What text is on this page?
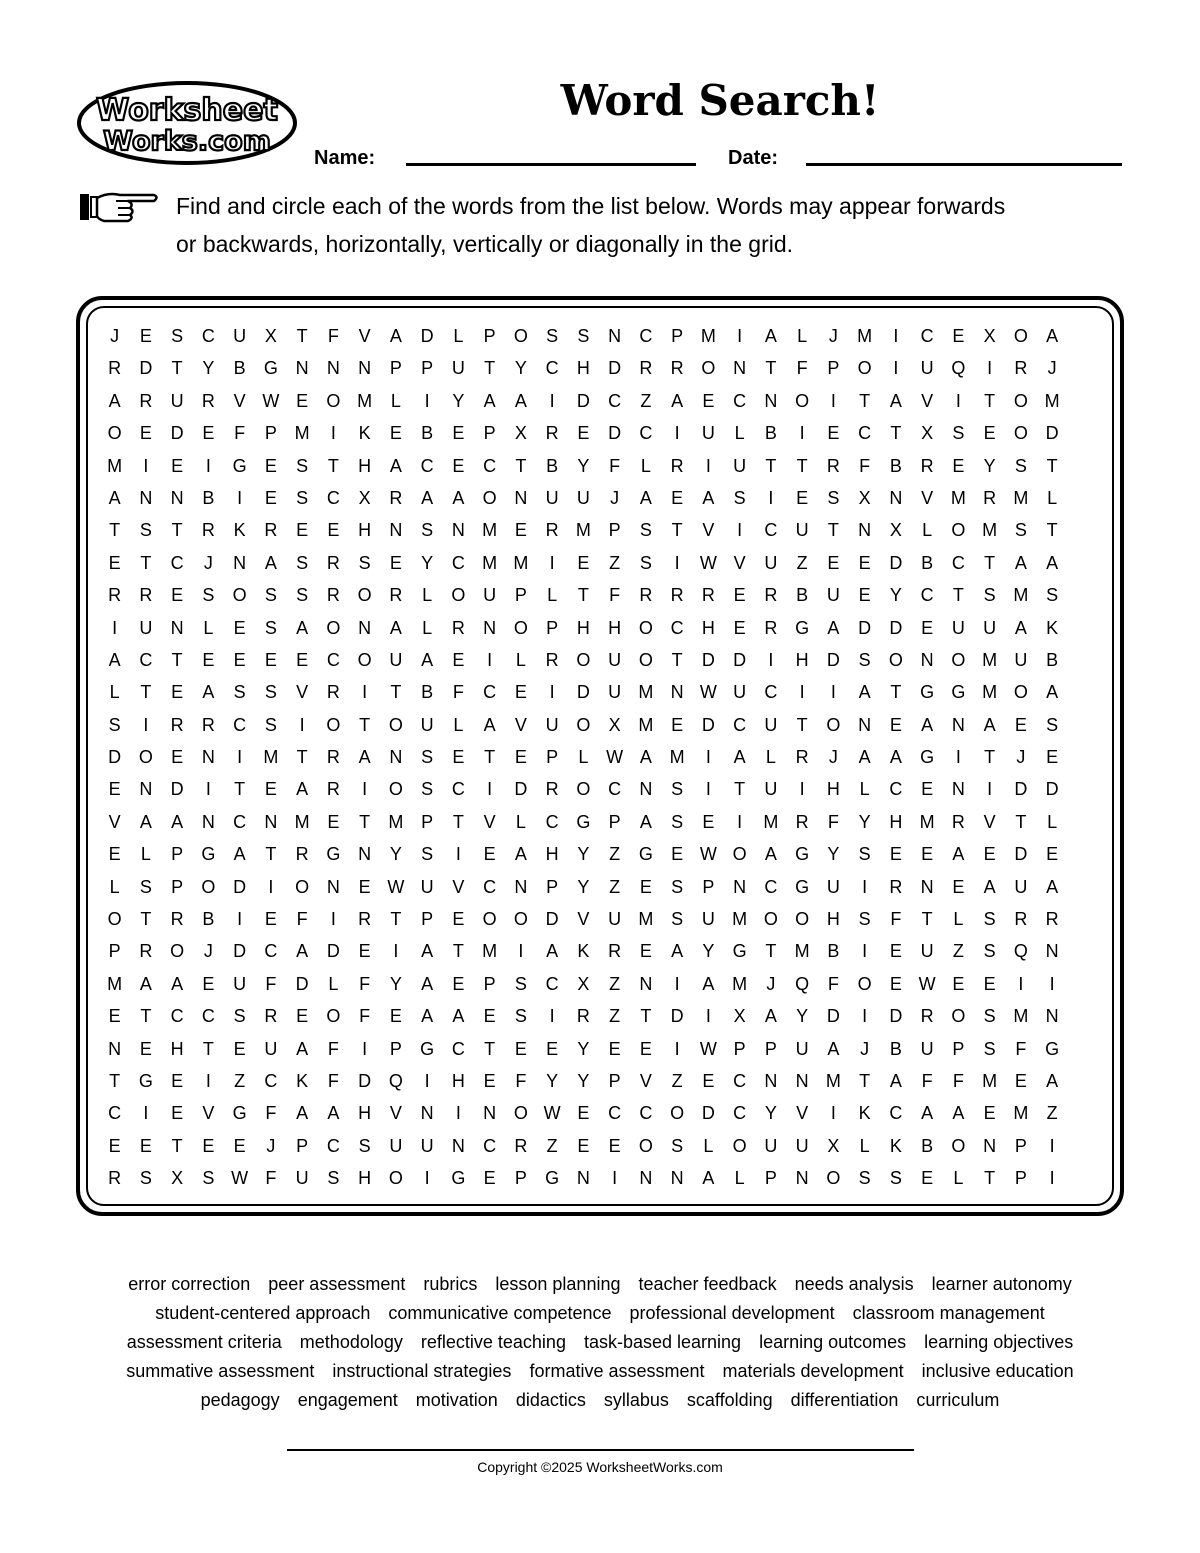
Worksheet
Works.com
Word Search!
Name:	Date:
Find and circle each of the words from the list below. Words may appear forwards
or backwards, horizontally, vertically or diagonally in the grid.
J	E	S	C	U	X	T	F	V	A	D	L	P	O	S	S	N	C	P M	I	A	L	J	M	I	C	E	X	O	A
R	D	T	Y	B	G N	N	N	P	P	U	T	Y	C	H	D	R	R O N	T	F	P	O	I	U Q	I	R	J
A	R	U	R	V W E	O M	L	I	Y	A	A	I	D	C	Z	A	E	C	N O	I	T	A	V	I	T	O M
O	E	D	E	F	P M	I	K	E	B	E	P	X	R	E	D	C	I	U	L	B	I	E	C	T	X	S	E	O D
M	I	E	I	G	E	S	T	H	A	C	E	C	T	B	Y	F	L	R	I	U	T	T	R	F	B	R	E	Y	S	T
A	N	N	B	I	E	S	C	X	R	A	A	O N	U	U	J	A	E	A	S	I	E	S	X	N	V M R M	L
T	S	T	R	K	R	E	E	H	N	S	N M E	R M P	S	T	V	I	C	U	T	N	X	L	O M S	T
E	T	C	J	N	A	S	R	S	E	Y	C M M	I	E	Z	S	I	W V	U	Z	E	E	D	B	C	T	A	A
R	R	E	S	O	S	S	R O R	L	O U	P	L	T	F	R	R	R	E	R	B	U	E	Y	C	T	S M S
I	U	N	L	E	S	A	O N	A	L	R	N O	P	H	H O C	H	E	R G	A	D	D	E	U	U	A	K
A	C	T	E	E	E	E	C O U	A	E	I	L	R O U O	T	D	D	I	H	D	S	O N O M U	B
L	T	E	A	S	S	V	R	I	T	B	F	C	E	I	D	U M N W U	C	I	I	A	T	G G M O	A
S	I	R	R	C	S	I	O	T	O U	L	A	V	U O	X M E	D	C	U	T	O N	E	A	N	A	E	S
D O	E	N	I	M	T	R	A	N	S	E	T	E	P	L W A M	I	A	L	R	J	A	A	G	I	T	J	E
E	N	D	I	T	E	A	R	I	O	S	C	I	D	R O C	N	S	I	T	U	I	H	L	C	E	N	I	D	D
V	A	A	N	C	N M E	T	M P	T	V	L	C G	P	A	S	E	I	M R	F	Y	H M R	V	T	L
E	L	P	G	A	T	R G N	Y	S	I	E	A	H	Y	Z	G	E W O	A	G	Y	S	E	E	A	E	D	E
L	S	P	O D	I	O N	E W U	V	C	N	P	Y	Z	E	S	P	N	C G U	I	R	N	E	A	U	A
O	T	R	B	I	E	F	I	R	T	P	E	O O D	V	U M S	U M O O H	S	F	T	L	S	R	R
P	R O	J	D	C	A	D	E	I	A	T	M	I	A	K	R	E	A	Y	G	T	M B	I	E	U	Z	S	Q N
M A	A	E	U	F	D	L	F	Y	A	E	P	S	C	X	Z	N	I	A M	J	Q	F	O	E W E	E	I	I
E	T	C	C	S	R	E	O	F	E	A	A	E	S	I	R	Z	T	D	I	X	A	Y	D	I	D	R O	S M N
N	E	H	T	E	U	A	F	I	P	G C	T	E	E	Y	E	E	I	W P	P	U	A	J	B	U	P	S	F	G
T	G	E	I	Z	C	K	F	D Q	I	H	E	F	Y	Y	P	V	Z	E	C	N	N M	T	A	F	F	M E	A
C	I	E	V	G	F	A	A	H	V	N	I	N O W E	C	C O D	C	Y	V	I	K	C	A	A	E M	Z
E	E	T	E	E	J	P	C	S	U	U	N	C	R	Z	E	E	O	S	L	O U	U	X	L	K	B	O N	P	I
R	S	X	S W F	U	S	H O	I	G	E	P	G N	I	N	N	A	L	P	N O	S	S	E	L	T	P	I
error correction peer assessment rubrics lesson planning teacher feedback needs analysis learner autonomy
student-centered approach communicative competence professional development classroom management
assessment criteria methodology reflective teaching task-based learning learning outcomes learning objectives
summative assessment instructional strategies formative assessment materials development inclusive education
pedagogy engagement motivation didactics syllabus scaffolding differentiation curriculum
Copyright ©2025 WorksheetWorks.com
